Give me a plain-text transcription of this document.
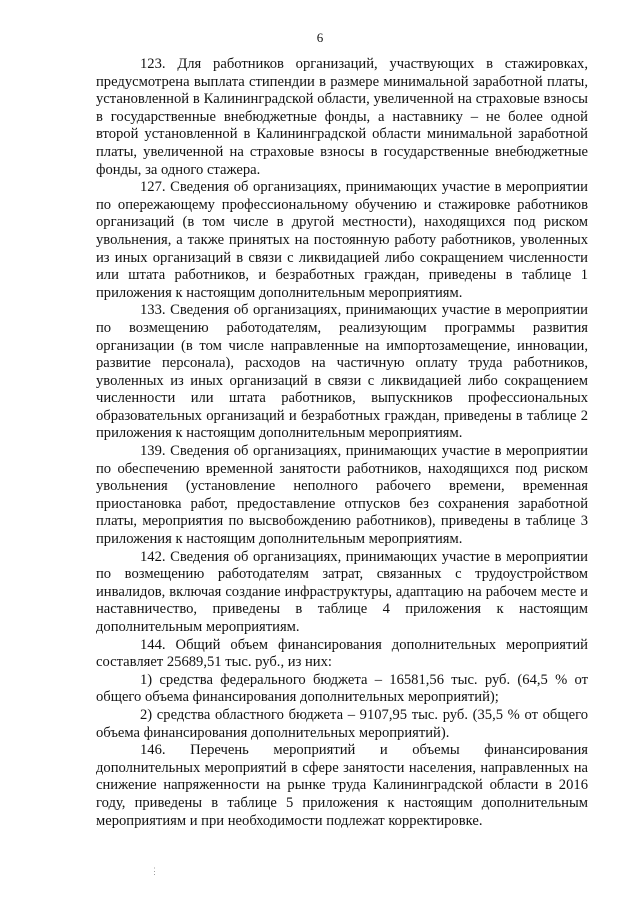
6

123. Для работников организаций, участвующих в стажировках, предусмотрена выплата стипендии в размере минимальной заработной платы, установленной в Калининградской области, увеличенной на страховые взносы в государственные внебюджетные фонды, а наставнику – не более одной второй установленной в Калининградской области минимальной заработной платы, увеличенной на страховые взносы в государственные внебюджетные фонды, за одного стажера.

127. Сведения об организациях, принимающих участие в мероприятии по опережающему профессиональному обучению и стажировке работников организаций (в том числе в другой местности), находящихся под риском увольнения, а также принятых на постоянную работу работников, уволенных из иных организаций в связи с ликвидацией либо сокращением численности или штата работников, и безработных граждан, приведены в таблице 1 приложения к настоящим дополнительным мероприятиям.

133. Сведения об организациях, принимающих участие в мероприятии по возмещению работодателям, реализующим программы развития организации (в том числе направленные на импортозамещение, инновации, развитие персонала), расходов на частичную оплату труда работников, уволенных из иных организаций в связи с ликвидацией либо сокращением численности или штата работников, выпускников профессиональных образовательных организаций и безработных граждан, приведены в таблице 2 приложения к настоящим дополнительным мероприятиям.

139. Сведения об организациях, принимающих участие в мероприятии по обеспечению временной занятости работников, находящихся под риском увольнения (установление неполного рабочего времени, временная приостановка работ, предоставление отпусков без сохранения заработной платы, мероприятия по высвобождению работников), приведены в таблице 3 приложения к настоящим дополнительным мероприятиям.

142. Сведения об организациях, принимающих участие в мероприятии по возмещению работодателям затрат, связанных с трудоустройством инвалидов, включая создание инфраструктуры, адаптацию на рабочем месте и наставничество, приведены в таблице 4 приложения к настоящим дополнительным мероприятиям.

144. Общий объем финансирования дополнительных мероприятий составляет 25689,51 тыс. руб., из них:

1) средства федерального бюджета – 16581,56 тыс. руб. (64,5 % от общего объема финансирования дополнительных мероприятий);

2) средства областного бюджета – 9107,95 тыс. руб. (35,5 % от общего объема финансирования дополнительных мероприятий).

146. Перечень мероприятий и объемы финансирования дополнительных мероприятий в сфере занятости населения, направленных на снижение напряженности на рынке труда Калининградской области в 2016 году, приведены в таблице 5 приложения к настоящим дополнительным мероприятиям и при необходимости подлежат корректировке.

⋮
